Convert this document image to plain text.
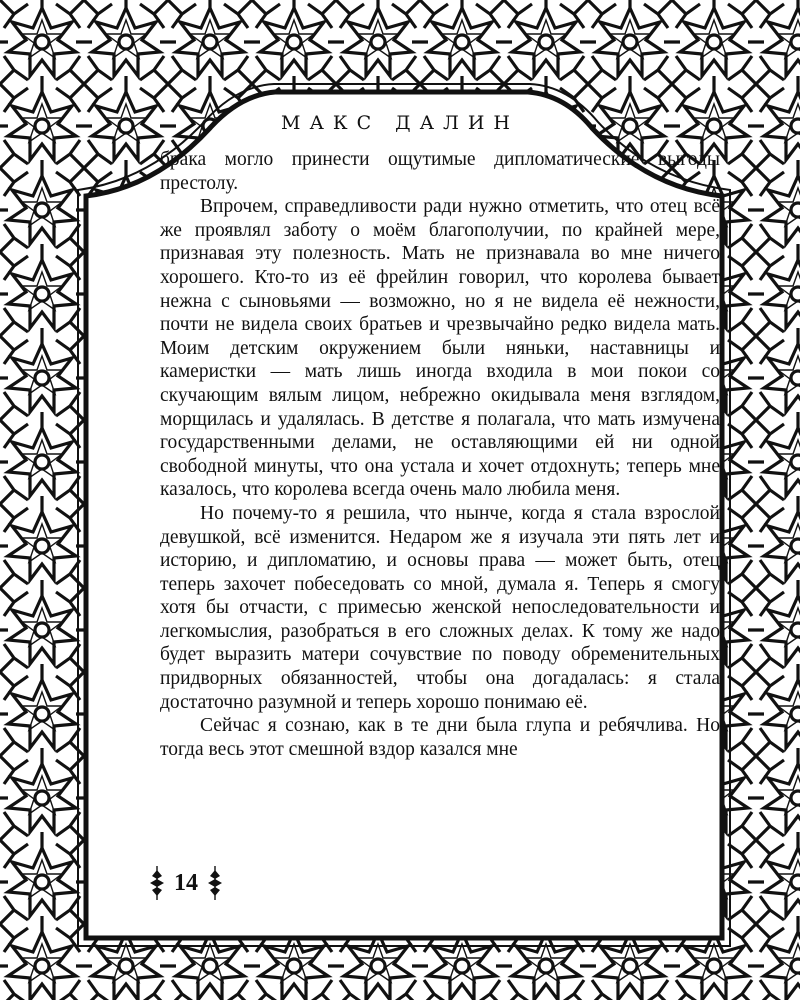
МАКС ДАЛИН

брака могло принести ощутимые дипломатические выгоды престолу.

Впрочем, справедливости ради нужно отметить, что отец всё же проявлял заботу о моём благополучии, по крайней мере, признавая эту полезность. Мать не признавала во мне ничего хорошего. Кто-то из её фрейлин говорил, что королева бывает нежна с сыновьями — возможно, но я не видела её нежности, почти не видела своих братьев и чрезвычайно редко видела мать. Моим детским окружением были няньки, наставницы и камеристки — мать лишь иногда входила в мои покои со скучающим вялым лицом, небрежно окидывала меня взглядом, морщилась и удалялась. В детстве я полагала, что мать измучена государственными делами, не оставляющими ей ни одной свободной минуты, что она устала и хочет отдохнуть; теперь мне казалось, что королева всегда очень мало любила меня.

Но почему-то я решила, что нынче, когда я стала взрослой девушкой, всё изменится. Недаром же я изучала эти пять лет и историю, и дипломатию, и основы права — может быть, отец теперь захочет побеседовать со мной, думала я. Теперь я смогу хотя бы отчасти, с примесью женской непоследовательности и легкомыслия, разобраться в его сложных делах. К тому же надо будет выразить матери сочувствие по поводу обременительных придворных обязанностей, чтобы она догадалась: я стала достаточно разумной и теперь хорошо понимаю её.

Сейчас я сознаю, как в те дни была глупа и ребячлива. Но тогда весь этот смешной вздор казался мне

14
